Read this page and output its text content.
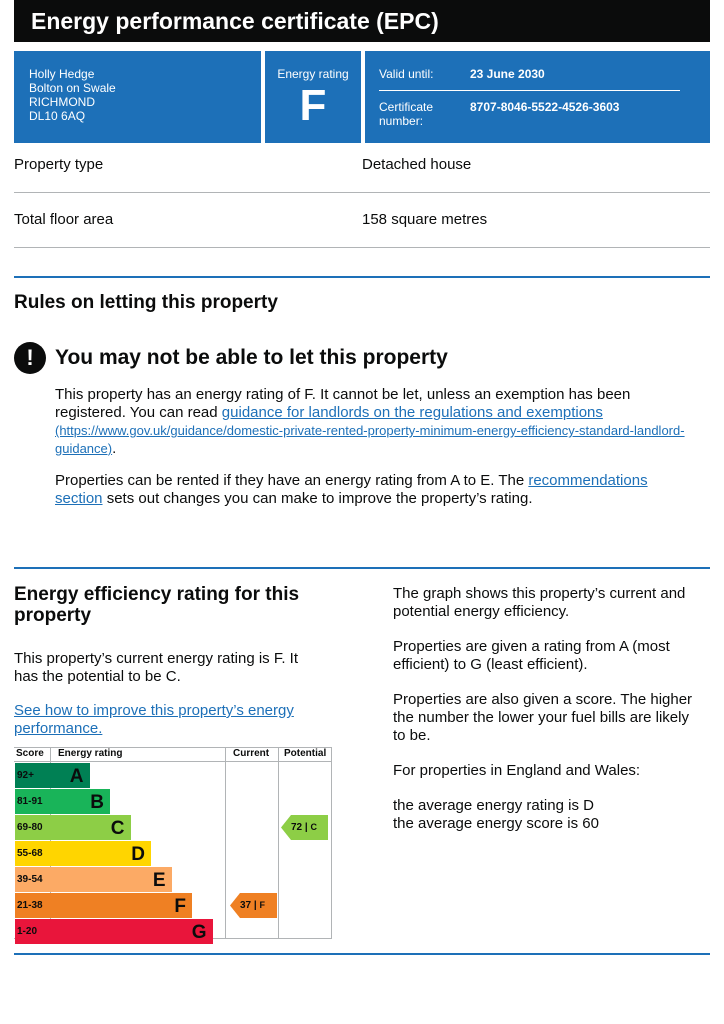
Energy performance certificate (EPC)
Holly Hedge
Bolton on Swale
RICHMOND
DL10 6AQ
Energy rating
F
Valid until:	23 June 2030
Certificate
number:
8707-8046-5522-4526-3603
Property type	Detached house
Total floor area	158 square metres
Rules on letting this property
!	You may not be able to let this property
This property has an energy rating of F. It cannot be let, unless an exemption has been registered. You can read guidance for landlords on the regulations and exemptions (https://www.gov.uk/guidance/domestic-private-rented-property-minimum-energy-efficiency-standard-landlord-guidance).
Properties can be rented if they have an energy rating from A to E. The recommendations section sets out changes you can make to improve the property’s rating.
Energy efficiency rating for this property
This property’s current energy rating is F. It has the potential to be C.
See how to improve this property’s energy performance.
The graph shows this property’s current and potential energy efficiency.
Properties are given a rating from A (most efficient) to G (least efficient).
Properties are also given a score. The higher the number the lower your fuel bills are likely to be.
For properties in England and Wales:
the average energy rating is D
the average energy score is 60
Score Energy rating	Current Potential
92+	A
81-91	B
69-80	C
55-68	D
39-54	E
21-38	F
1-20	G
37 | F
72 | C
